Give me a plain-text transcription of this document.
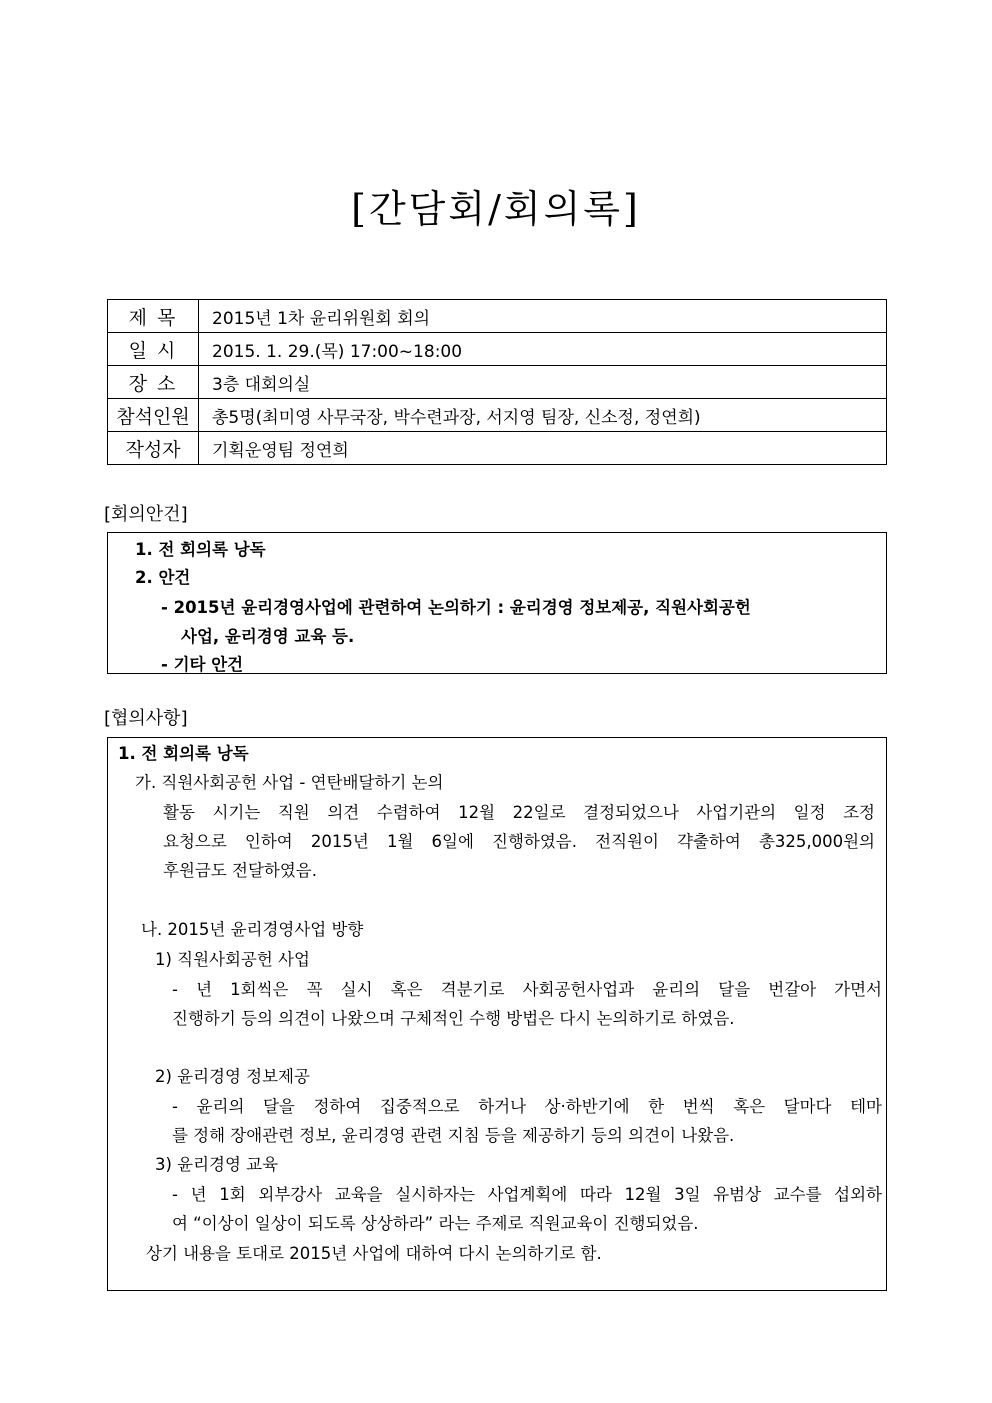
[간담회/회의록]
제 목	2015년 1차 윤리위원회 회의
일 시	2015. 1. 29.(목) 17:00~18:00
장 소	3층 대회의실
참석인원	총5명(최미영 사무국장, 박수련과장, 서지영 팀장, 신소정, 정연희)
작성자	기획운영팀 정연희
[회의안건]
1. 전 회의록 낭독
2. 안건
- 2015년 윤리경영사업에 관련하여 논의하기 : 윤리경영 정보제공, 직원사회공헌
사업, 윤리경영 교육 등.
- 기타 안건
[협의사항]
1. 전 회의록 낭독
가. 직원사회공헌 사업 - 연탄배달하기 논의
활동 시기는 직원 의견 수렴하여 12월 22일로 결정되었으나 사업기관의 일정 조정
요청으로 인하여 2015년 1월 6일에 진행하였음. 전직원이 갹출하여 총325,000원의
후원금도 전달하였음.
나. 2015년 윤리경영사업 방향
1) 직원사회공헌 사업
- 년 1회씩은 꼭 실시 혹은 격분기로 사회공헌사업과 윤리의 달을 번갈아 가면서
진행하기 등의 의견이 나왔으며 구체적인 수행 방법은 다시 논의하기로 하였음.
2) 윤리경영 정보제공
- 윤리의 달을 정하여 집중적으로 하거나 상·하반기에 한 번씩 혹은 달마다 테마
를 정해 장애관련 정보, 윤리경영 관련 지침 등을 제공하기 등의 의견이 나왔음.
3) 윤리경영 교육
- 년 1회 외부강사 교육을 실시하자는 사업계획에 따라 12월 3일 유범상 교수를 섭외하
여 “이상이 일상이 되도록 상상하라” 라는 주제로 직원교육이 진행되었음.
상기 내용을 토대로 2015년 사업에 대하여 다시 논의하기로 함.
